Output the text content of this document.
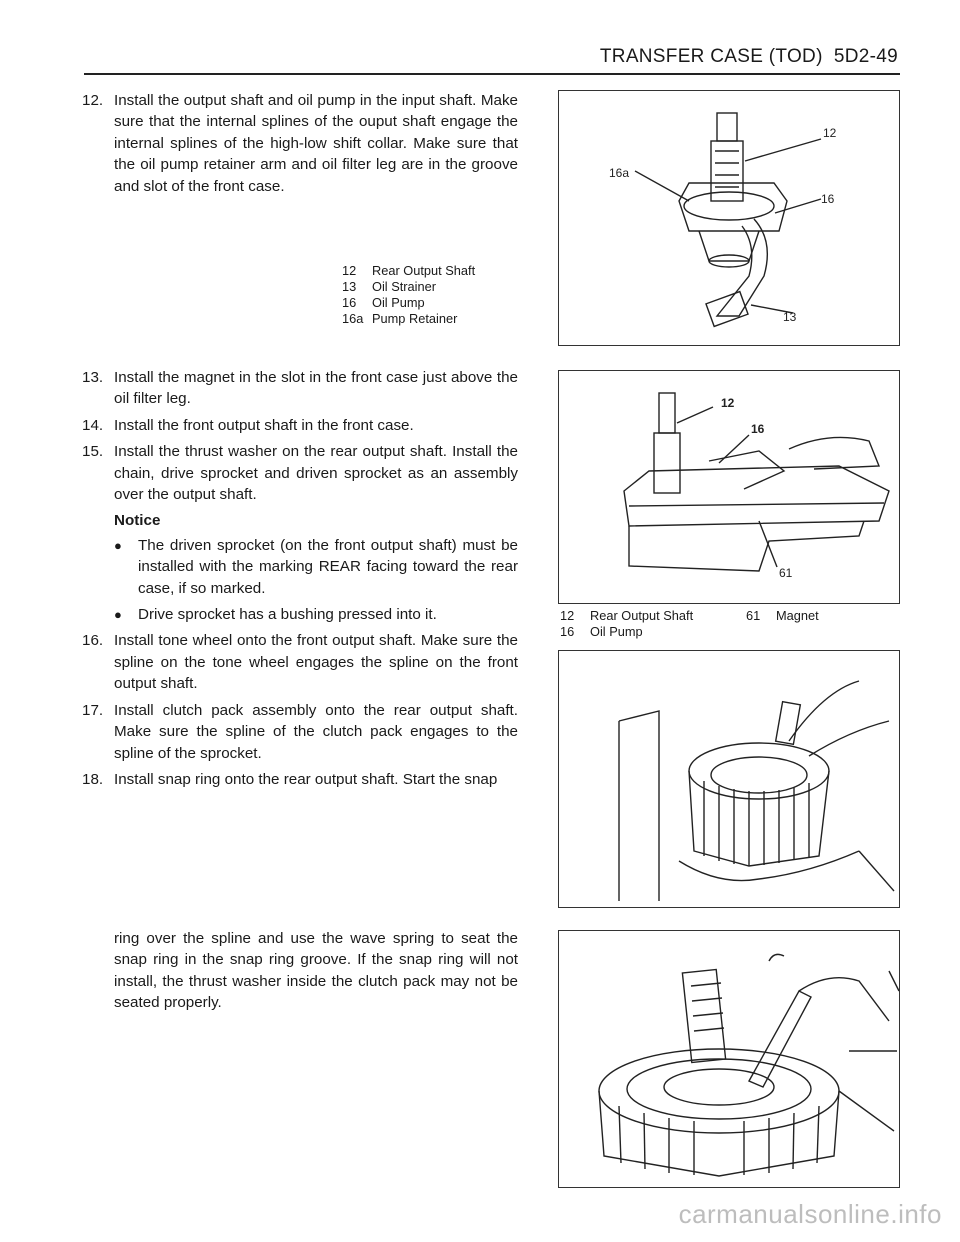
TRANSFER CASE (TOD) 5D2-49
12. Install the output shaft and oil pump in the input shaft. Make sure that the internal splines of the ouput shaft engage the internal splines of the high-low shift collar. Make sure that the oil pump retainer arm and oil filter leg are in the groove and slot of the front case.
12	Rear Output Shaft
13	Oil Strainer
16	Oil Pump
16a Pump Retainer
13. Install the magnet in the slot in the front case just above the oil filter leg.
14. Install the front output shaft in the front case.
15. Install the thrust washer on the rear output shaft. Install the chain, drive sprocket and driven sprocket as an assembly over the output shaft.
Notice
●	The driven sprocket (on the front output shaft) must be installed with the marking REAR facing toward the rear case, if so marked.
●	Drive sprocket has a bushing pressed into it.
16. Install tone wheel onto the front output shaft. Make sure the spline on the tone wheel engages the spline on the front output shaft.
17. Install clutch pack assembly onto the rear output shaft. Make sure the spline of the clutch pack engages to the spline of the sprocket.
18. Install snap ring onto the rear output shaft. Start the snap
ring over the spline and use the wave spring to seat the snap ring in the snap ring groove. If the snap ring will not install, the thrust washer inside the clutch pack may not be seated properly.
12
16a
16
13
12
16
61
12	Rear Output Shaft	61	Magnet
16	Oil Pump
carmanualsonline.info
